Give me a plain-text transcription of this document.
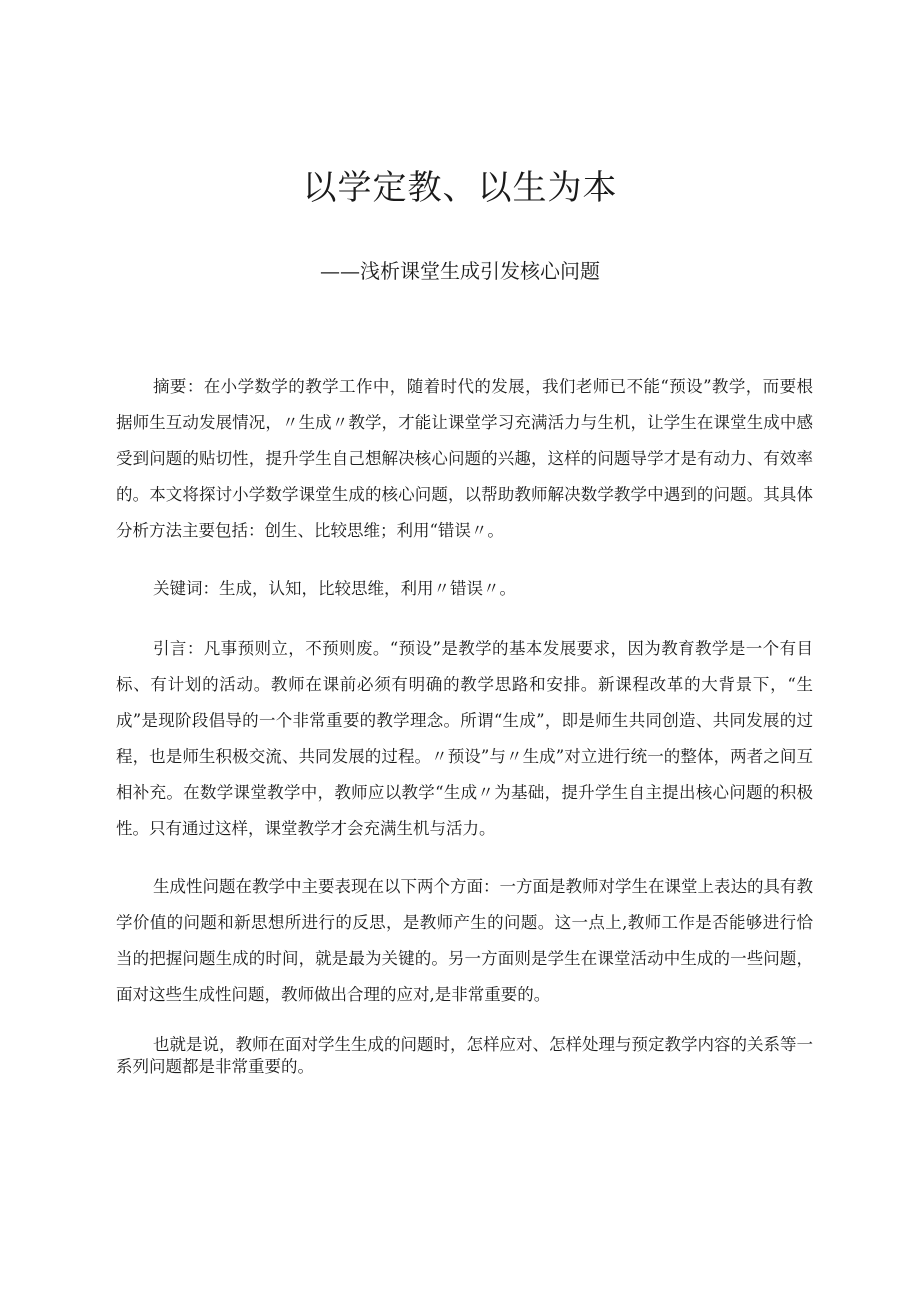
以学定教、以生为本
——浅析课堂生成引发核心问题

摘要：在小学数学的教学工作中，随着时代的发展，我们老师已不能“预设”教学，而要根据师生互动发展情况，〃生成〃教学，才能让课堂学习充满活力与生机，让学生在课堂生成中感受到问题的贴切性，提升学生自己想解决核心问题的兴趣，这样的问题导学才是有动力、有效率的。本文将探讨小学数学课堂生成的核心问题，以帮助教师解决数学教学中遇到的问题。其具体分析方法主要包括：创生、比较思维；利用“错误〃。

关键词：生成，认知，比较思维，利用〃错误〃。

引言：凡事预则立，不预则废。“预设”是教学的基本发展要求，因为教育教学是一个有目标、有计划的活动。教师在课前必须有明确的教学思路和安排。新课程改革的大背景下，“生成”是现阶段倡导的一个非常重要的教学理念。所谓“生成”，即是师生共同创造、共同发展的过程，也是师生积极交流、共同发展的过程。〃预设”与〃生成”对立进行统一的整体，两者之间互相补充。在数学课堂教学中，教师应以教学“生成〃为基础，提升学生自主提出核心问题的积极性。只有通过这样，课堂教学才会充满生机与活力。

生成性问题在教学中主要表现在以下两个方面：一方面是教师对学生在课堂上表达的具有教学价值的问题和新思想所进行的反思，是教师产生的问题。这一点上,教师工作是否能够进行恰当的把握问题生成的时间，就是最为关键的。另一方面则是学生在课堂活动中生成的一些问题，面对这些生成性问题，教师做出合理的应对,是非常重要的。

也就是说，教师在面对学生生成的问题时，怎样应对、怎样处理与预定教学内容的关系等一系列问题都是非常重要的。
